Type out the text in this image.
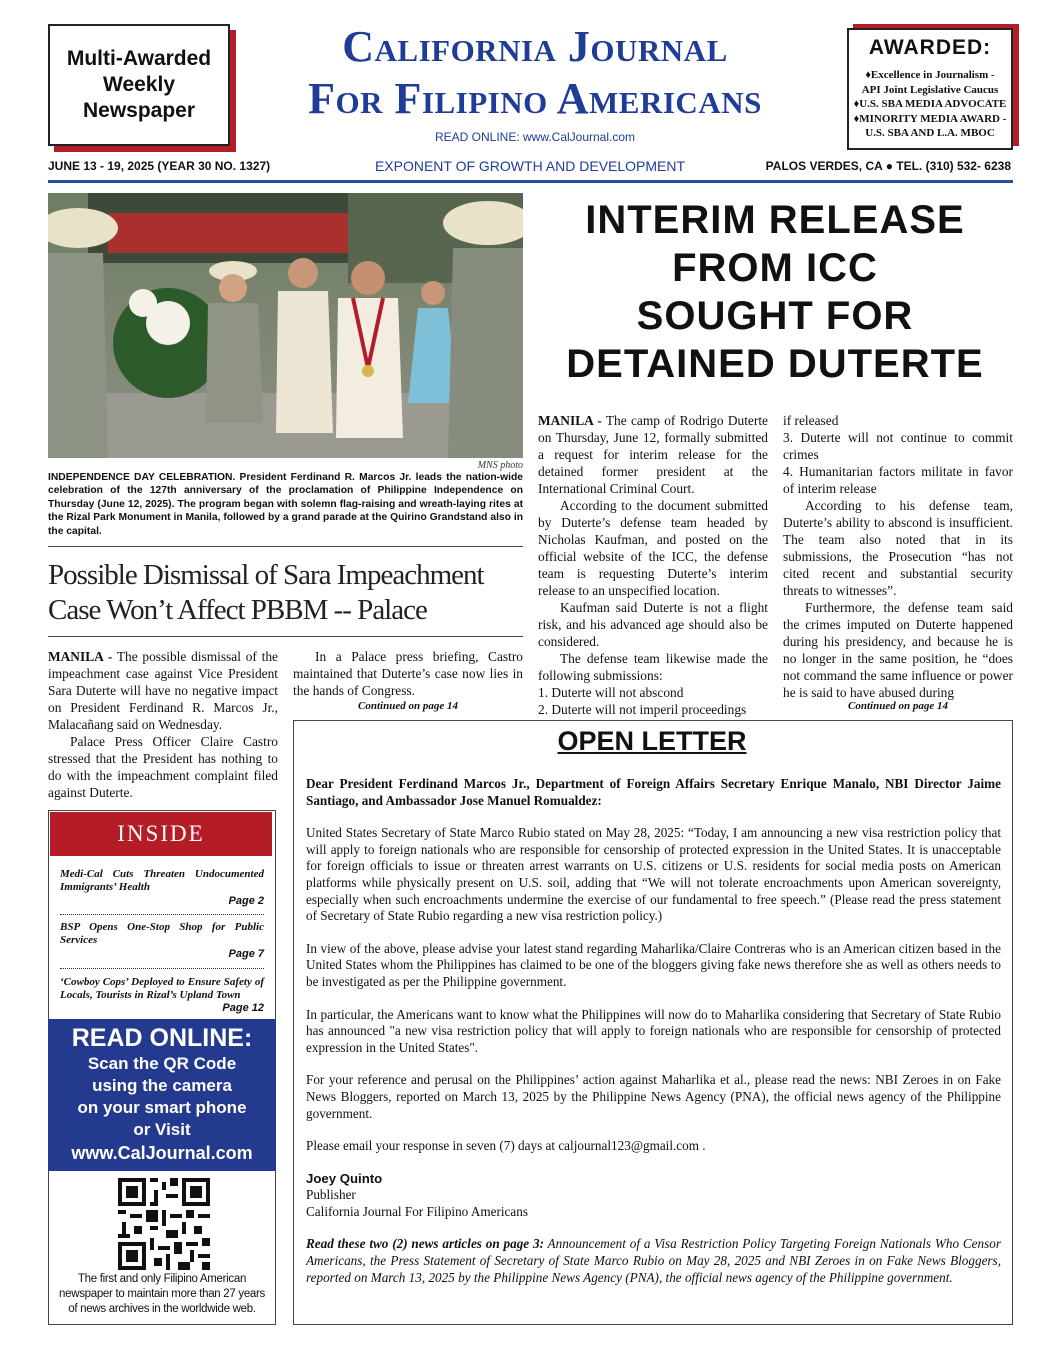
Multi-Awarded
Weekly
Newspaper
California Journal
For Filipino Americans
READ ONLINE: www.CalJournal.com
AWARDED:
♦Excellence in Journalism -
API Joint Legislative Caucus
♦U.S. SBA MEDIA ADVOCATE
♦MINORITY MEDIA AWARD -
U.S. SBA AND L.A. MBOC
JUNE 13 - 19, 2025 (YEAR 30 NO. 1327)	EXPONENT OF GROWTH AND DEVELOPMENT	PALOS VERDES, CA ● TEL. (310) 532- 6238
MNS photo
INDEPENDENCE DAY CELEBRATION. President Ferdinand R. Marcos Jr. leads the nation-wide celebration of the 127th anniversary of the proclamation of Philippine Independence on Thursday (June 12, 2025). The program began with solemn flag-raising and wreath-laying rites at the Rizal Park Monument in Manila, followed by a grand parade at the Quirino Grandstand also in the capital.
INTERIM RELEASE
FROM ICC
SOUGHT FOR
DETAINED DUTERTE

MANILA - The camp of Rodrigo Duterte on Thursday, June 12, formally submitted a request for interim release for the detained former president at the International Criminal Court.

According to the document submitted by Duterte’s defense team headed by Nicholas Kaufman, and posted on the official website of the ICC, the defense team is requesting Duterte’s interim release to an unspecified location.

Kaufman said Duterte is not a flight risk, and his advanced age should also be considered.

The defense team likewise made the following submissions:

1. Duterte will not abscond

2. Duterte will not imperil proceedings

if released

3. Duterte will not continue to commit crimes

4. Humanitarian factors militate in favor of interim release

According to his defense team, Duterte’s ability to abscond is insufficient. The team also noted that in its submissions, the Prosecution “has not cited recent and substantial security threats to witnesses”.

Furthermore, the defense team said the crimes imputed on Duterte happened during his presidency, and because he is no longer in the same position, he “does not command the same influence or power he is said to have abused during

Continued on page 14
Possible Dismissal of Sara Impeachment
Case Won’t Affect PBBM -- Palace

MANILA - The possible dismissal of the impeachment case against Vice President Sara Duterte will have no negative impact on President Ferdinand R. Marcos Jr., Malacañang said on Wednesday.

Palace Press Officer Claire Castro stressed that the President has nothing to do with the impeachment complaint filed against Duterte.

In a Palace press briefing, Castro maintained that Duterte’s case now lies in the hands of Congress.

Continued on page 14
INSIDE
Medi-Cal Cuts Threaten Undocumented Immigrants’ Health
Page 2
BSP Opens One-Stop Shop for Public Services
Page 7
‘Cowboy Cops’ Deployed to Ensure Safety of Locals, Tourists in Rizal’s Upland Town
Page 12
READ ONLINE:
Scan the QR Code
using the camera
on your smart phone
or Visit
www.CalJournal.com
The first and only Filipino American
newspaper to maintain more than 27 years
of news archives in the worldwide web.
OPEN LETTER

Dear President Ferdinand Marcos Jr., Department of Foreign Affairs Secretary Enrique Manalo, NBI Director Jaime Santiago, and Ambassador Jose Manuel Romualdez:

United States Secretary of State Marco Rubio stated on May 28, 2025: “Today, I am announcing a new visa restriction policy that will apply to foreign nationals who are responsible for censorship of protected expression in the United States. It is unacceptable for foreign officials to issue or threaten arrest warrants on U.S. citizens or U.S. residents for social media posts on American platforms while physically present on U.S. soil, adding that “We will not tolerate encroachments upon American sovereignty, especially when such encroachments undermine the exercise of our fundamental to free speech.” (Please read the press statement of Secretary of State Rubio regarding a new visa restriction policy.)

In view of the above, please advise your latest stand regarding Maharlika/Claire Contreras who is an American citizen based in the United States whom the Philippines has claimed to be one of the bloggers giving fake news therefore she as well as others needs to be investigated as per the Philippine government.

In particular, the Americans want to know what the Philippines will now do to Maharlika considering that Secretary of State Rubio has announced "a new visa restriction policy that will apply to foreign nationals who are responsible for censorship of protected expression in the United States".

For your reference and perusal on the Philippines’ action against Maharlika et al., please read the news: NBI Zeroes in on Fake News Bloggers, reported on March 13, 2025 by the Philippine News Agency (PNA), the official news agency of the Philippine government.

Please email your response in seven (7) days at caljournal123@gmail.com .

Joey Quinto

Publisher

California Journal For Filipino Americans

Read these two (2) news articles on page 3: Announcement of a Visa Restriction Policy Targeting Foreign Nationals Who Censor Americans, the Press Statement of Secretary of State Marco Rubio on May 28, 2025 and NBI Zeroes in on Fake News Bloggers, reported on March 13, 2025 by the Philippine News Agency (PNA), the official news agency of the Philippine government.
